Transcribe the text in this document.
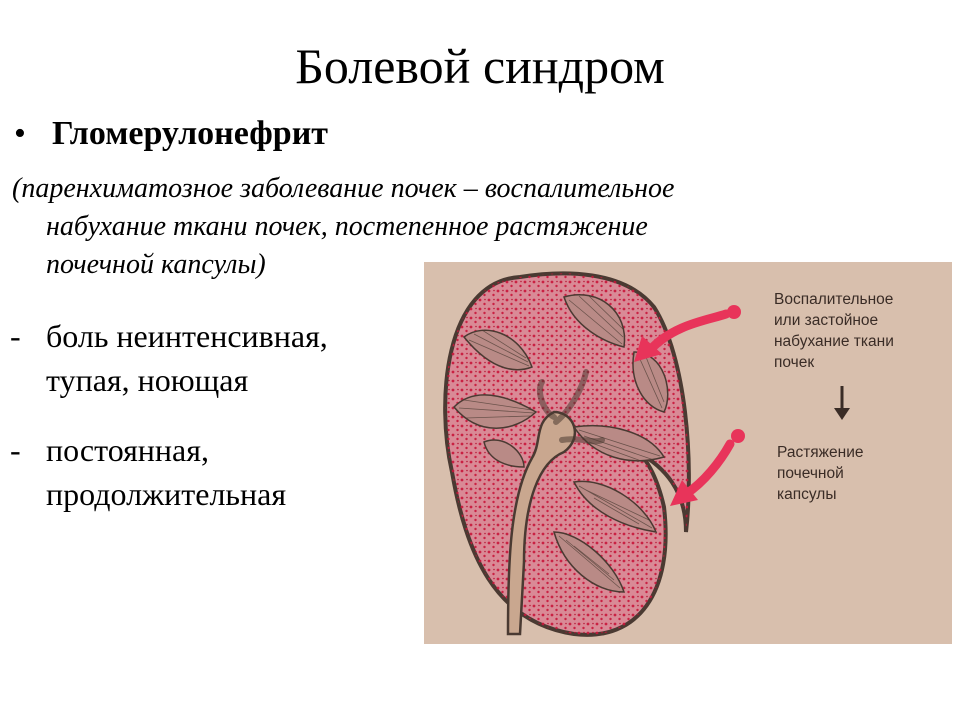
Болевой синдром
• Гломерулонефрит
(паренхиматозное заболевание почек – воспалительное
набухание ткани почек, постепенное растяжение
почечной капсулы)
- боль неинтенсивная,
тупая, ноющая
- постоянная,
продолжительная
Воспалительное или застойное набухание ткани почек
Растяжение почечной капсулы
